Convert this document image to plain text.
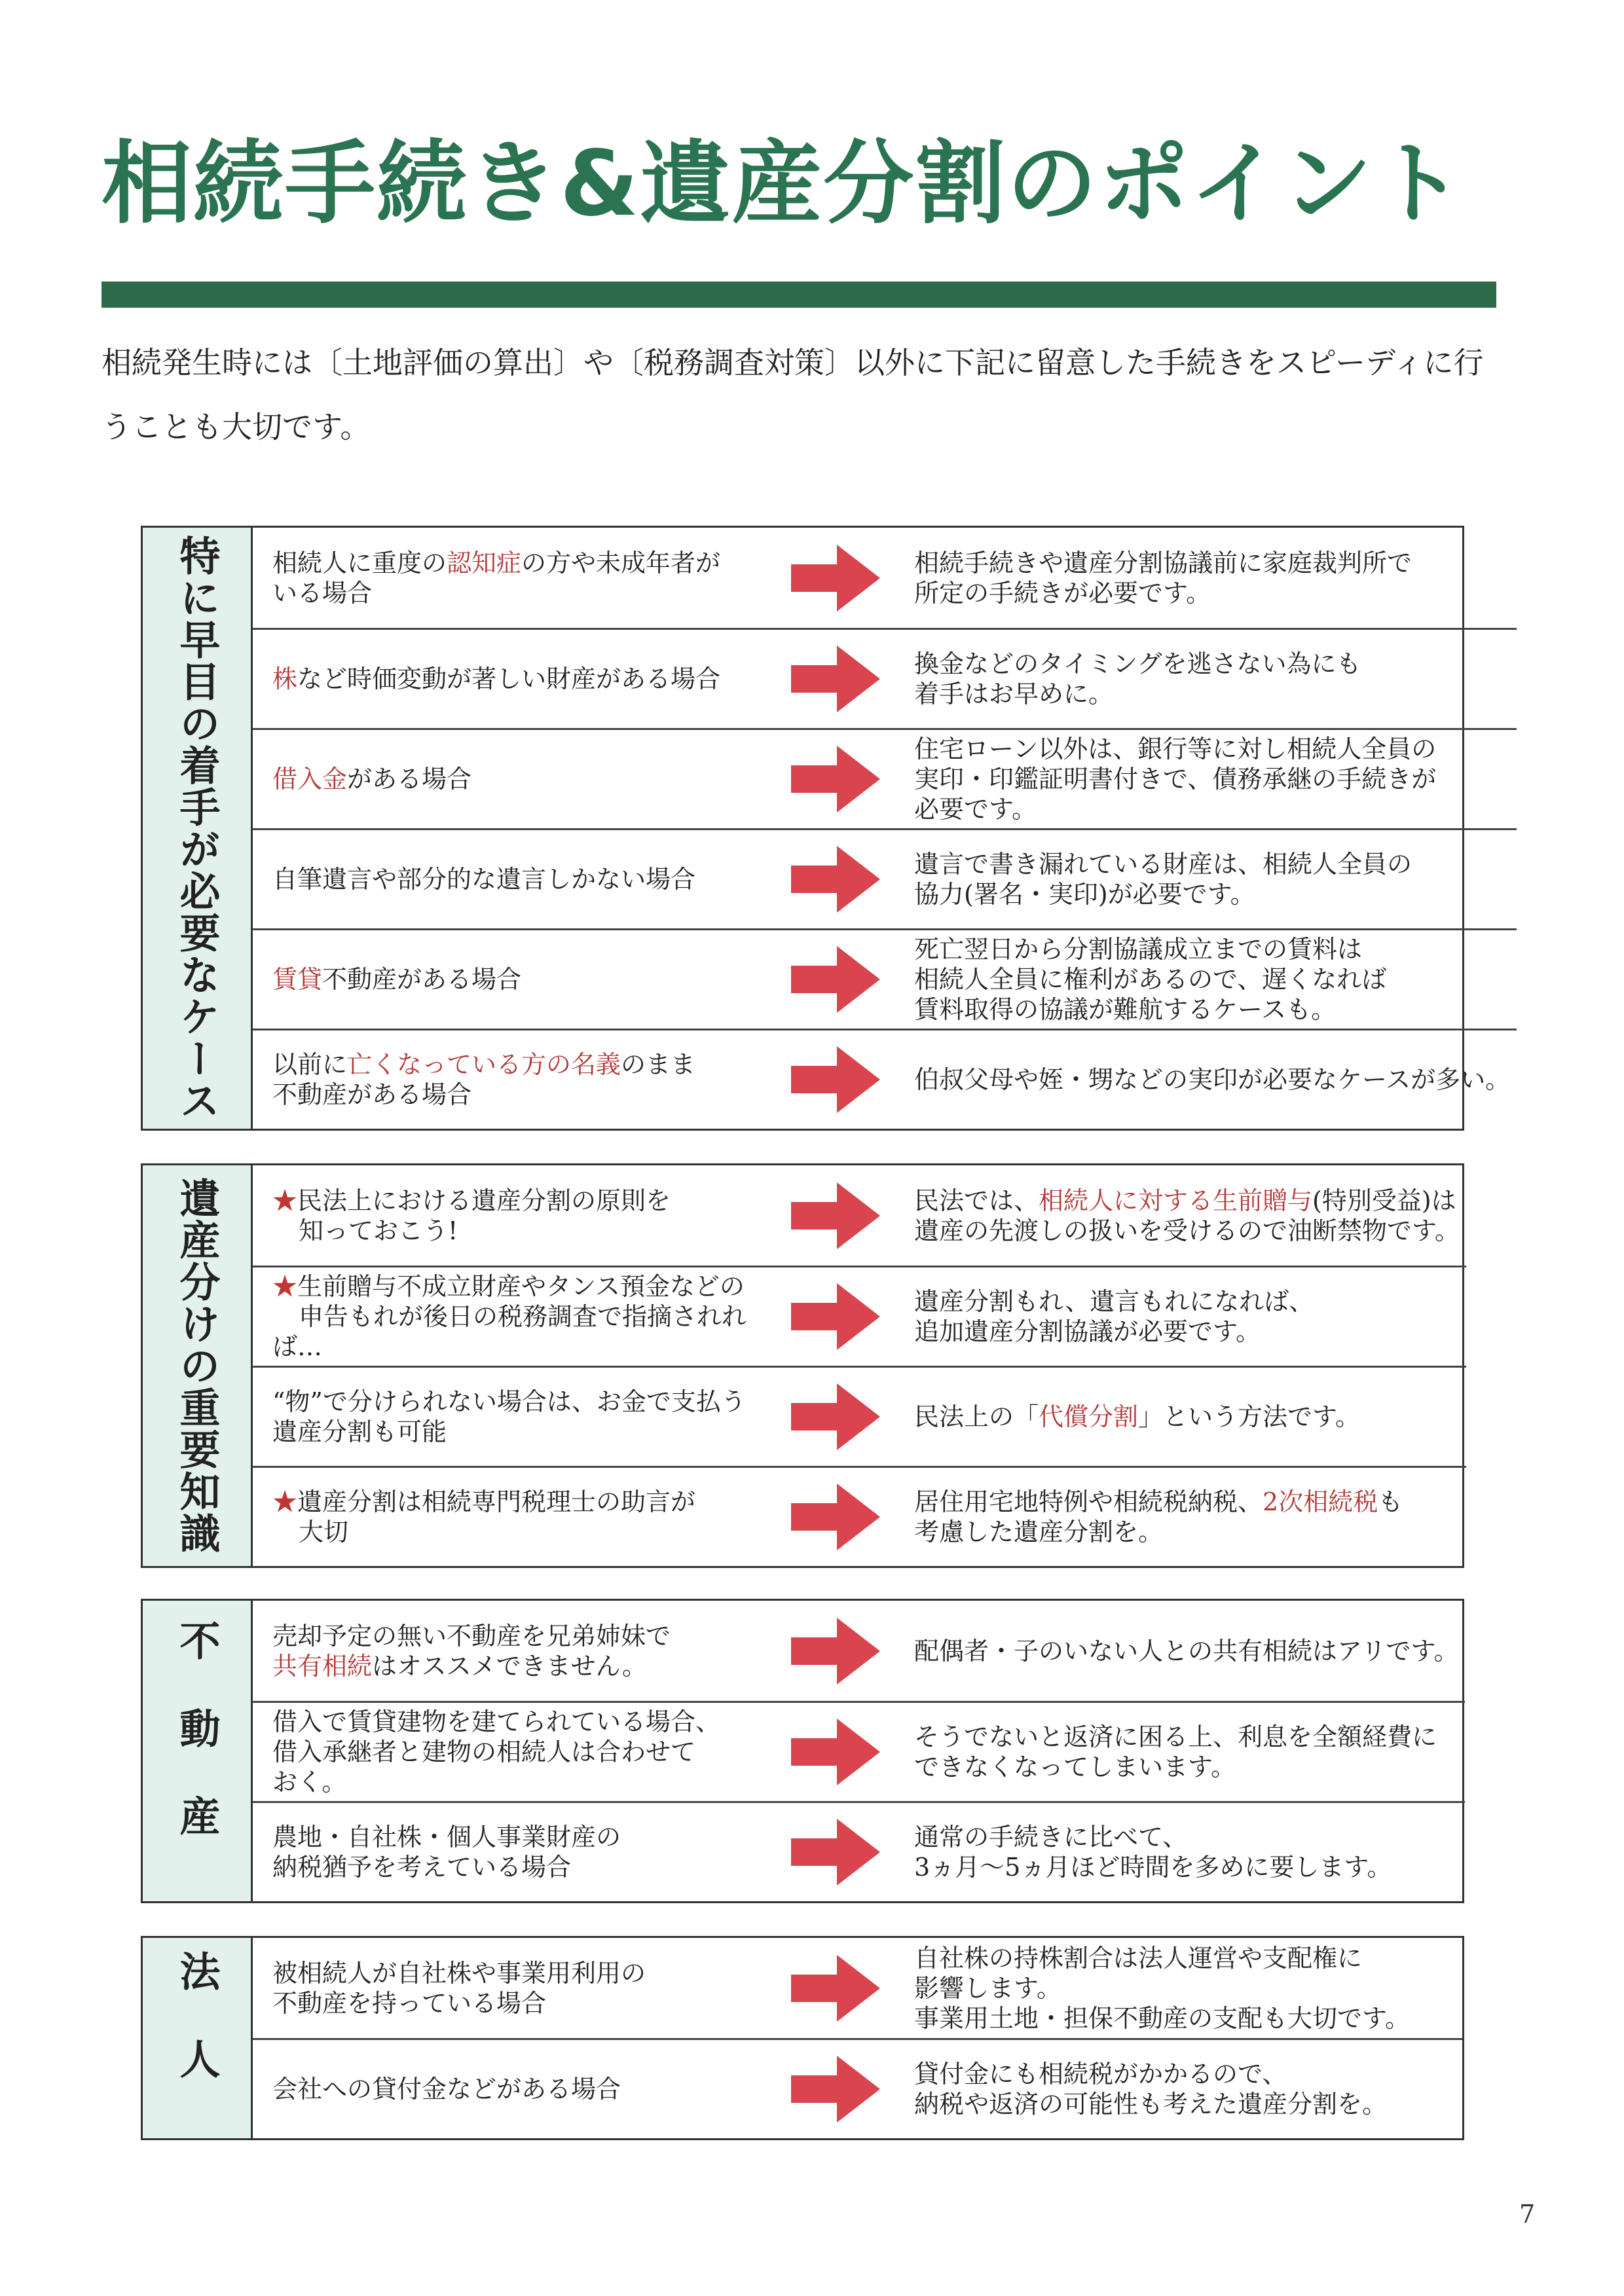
相続手続き&遺産分割のポイント

相続発生時には〔土地評価の算出〕や〔税務調査対策〕以外に下記に留意した手続きをスピーディに行うことも大切です。

特に早目の着手が必要なケース 相続人に重度の認知症の方や未成年者が
いる場合
相続手続きや遺産分割協議前に家庭裁判所で
所定の手続きが必要です。
株など時価変動が著しい財産がある場合
換金などのタイミングを逃さない為にも
着手はお早めに。
借入金がある場合
住宅ローン以外は、銀行等に対し相続人全員の
実印・印鑑証明書付きで、債務承継の手続きが
必要です。
自筆遺言や部分的な遺言しかない場合
遺言で書き漏れている財産は、相続人全員の
協力(署名・実印)が必要です。
賃貸不動産がある場合
死亡翌日から分割協議成立までの賃料は
相続人全員に権利があるので、遅くなれば
賃料取得の協議が難航するケースも。
以前に亡くなっている方の名義のまま
不動産がある場合
伯叔父母や姪・甥などの実印が必要なケースが多い。
遺産分けの重要知識 ★民法上における遺産分割の原則を
知っておこう!
民法では、相続人に対する生前贈与(特別受益)は
遺産の先渡しの扱いを受けるので油断禁物です。
★生前贈与不成立財産やタンス預金などの
申告もれが後日の税務調査で指摘されれば…
遺産分割もれ、遺言もれになれば、
追加遺産分割協議が必要です。
“物”で分けられない場合は、お金で支払う
遺産分割も可能
民法上の「代償分割」という方法です。
★遺産分割は相続専門税理士の助言が
大切
居住用宅地特例や相続税納税、2次相続税も
考慮した遺産分割を。
不動産 売却予定の無い不動産を兄弟姉妹で
共有相続はオススメできません。
配偶者・子のいない人との共有相続はアリです。
借入で賃貸建物を建てられている場合、
借入承継者と建物の相続人は合わせて
おく。
そうでないと返済に困る上、利息を全額経費に
できなくなってしまいます。
農地・自社株・個人事業財産の
納税猶予を考えている場合
通常の手続きに比べて、
3ヵ月〜5ヵ月ほど時間を多めに要します。
法人 被相続人が自社株や事業用利用の
不動産を持っている場合
自社株の持株割合は法人運営や支配権に
影響します。
事業用土地・担保不動産の支配も大切です。
会社への貸付金などがある場合
貸付金にも相続税がかかるので、
納税や返済の可能性も考えた遺産分割を。
7
